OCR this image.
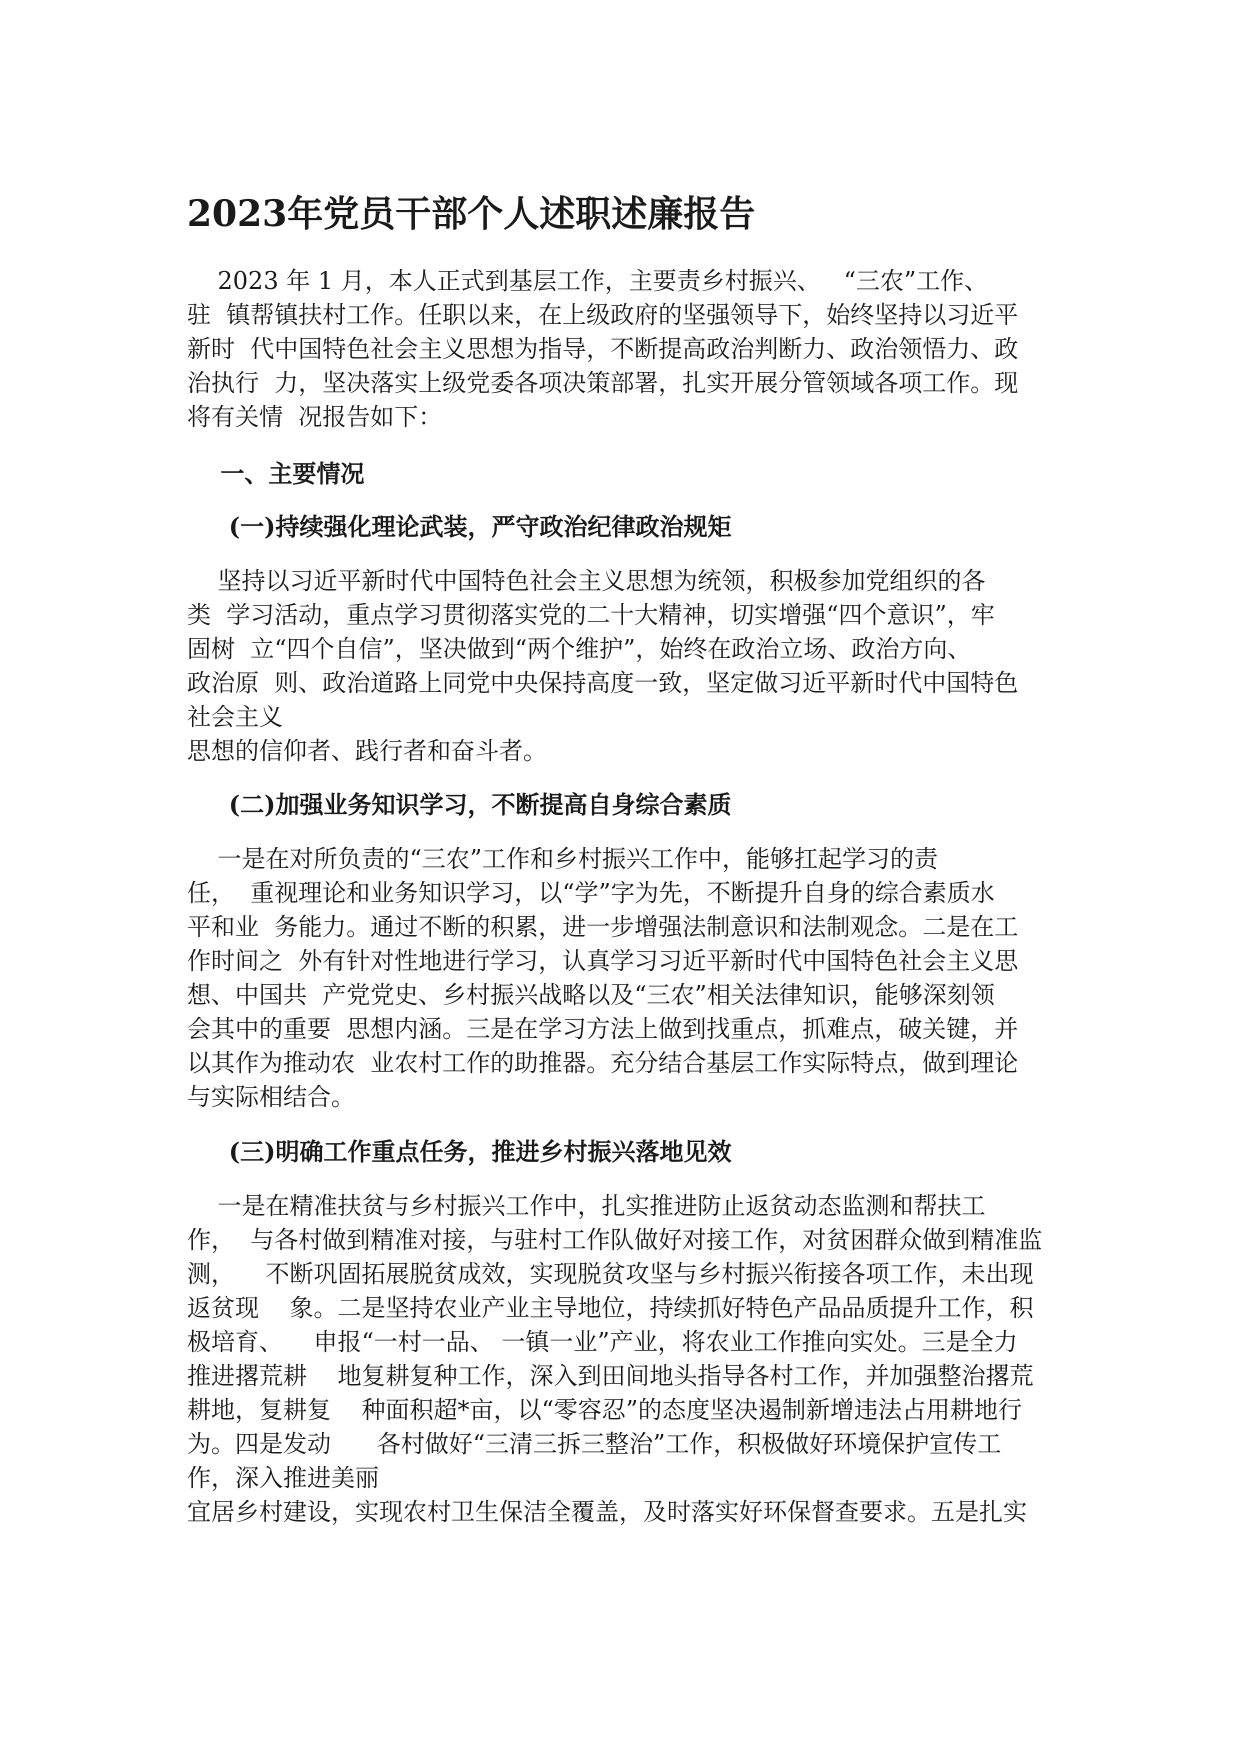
2023年党员干部个人述职述廉报告

2023 年 1 月，本人正式到基层工作，主要责乡村振兴、   “三农”工作、

驻  镇帮镇扶村工作。任职以来，在上级政府的坚强领导下，始终坚持以习近平

新时  代中国特色社会主义思想为指导，不断提高政治判断力、政治领悟力、政

治执行  力，坚决落实上级党委各项决策部署，扎实开展分管领域各项工作。现

将有关情  况报告如下：

一、主要情况

(一)持续强化理论武装，严守政治纪律政治规矩

坚持以习近平新时代中国特色社会主义思想为统领，积极参加党组织的各

类  学习活动，重点学习贯彻落实党的二十大精神，切实增强“四个意识”，牢

固树  立“四个自信”，坚决做到“两个维护”，始终在政治立场、政治方向、

政治原  则、政治道路上同党中央保持高度一致，坚定做习近平新时代中国特色

社会主义

思想的信仰者、践行者和奋斗者。

(二)加强业务知识学习，不断提高自身综合素质

一是在对所负责的“三农”工作和乡村振兴工作中，能够扛起学习的责

任，  重视理论和业务知识学习，以“学”字为先，不断提升自身的综合素质水

平和业  务能力。通过不断的积累，进一步增强法制意识和法制观念。二是在工

作时间之  外有针对性地进行学习，认真学习习近平新时代中国特色社会主义思

想、中国共  产党党史、乡村振兴战略以及“三农”相关法律知识，能够深刻领

会其中的重要  思想内涵。三是在学习方法上做到找重点，抓难点，破关键，并

以其作为推动农  业农村工作的助推器。充分结合基层工作实际特点，做到理论

与实际相结合。

(三)明确工作重点任务，推进乡村振兴落地见效

一是在精准扶贫与乡村振兴工作中，扎实推进防止返贫动态监测和帮扶工

作，  与各村做到精准对接，与驻村工作队做好对接工作，对贫困群众做到精准监

测，    不断巩固拓展脱贫成效，实现脱贫攻坚与乡村振兴衔接各项工作，未出现

返贫现    象。二是坚持农业产业主导地位，持续抓好特色产品品质提升工作，积

极培育、    申报“一村一品、 一镇一业”产业，将农业工作推向实处。三是全力

推进撂荒耕    地复耕复种工作，深入到田间地头指导各村工作，并加强整治撂荒

耕地，复耕复    种面积超*亩，以“零容忍”的态度坚决遏制新增违法占用耕地行

为。四是发动      各村做好“三清三拆三整治”工作，积极做好环境保护宣传工

作，深入推进美丽

宜居乡村建设，实现农村卫生保洁全覆盖，及时落实好环保督查要求。五是扎实
